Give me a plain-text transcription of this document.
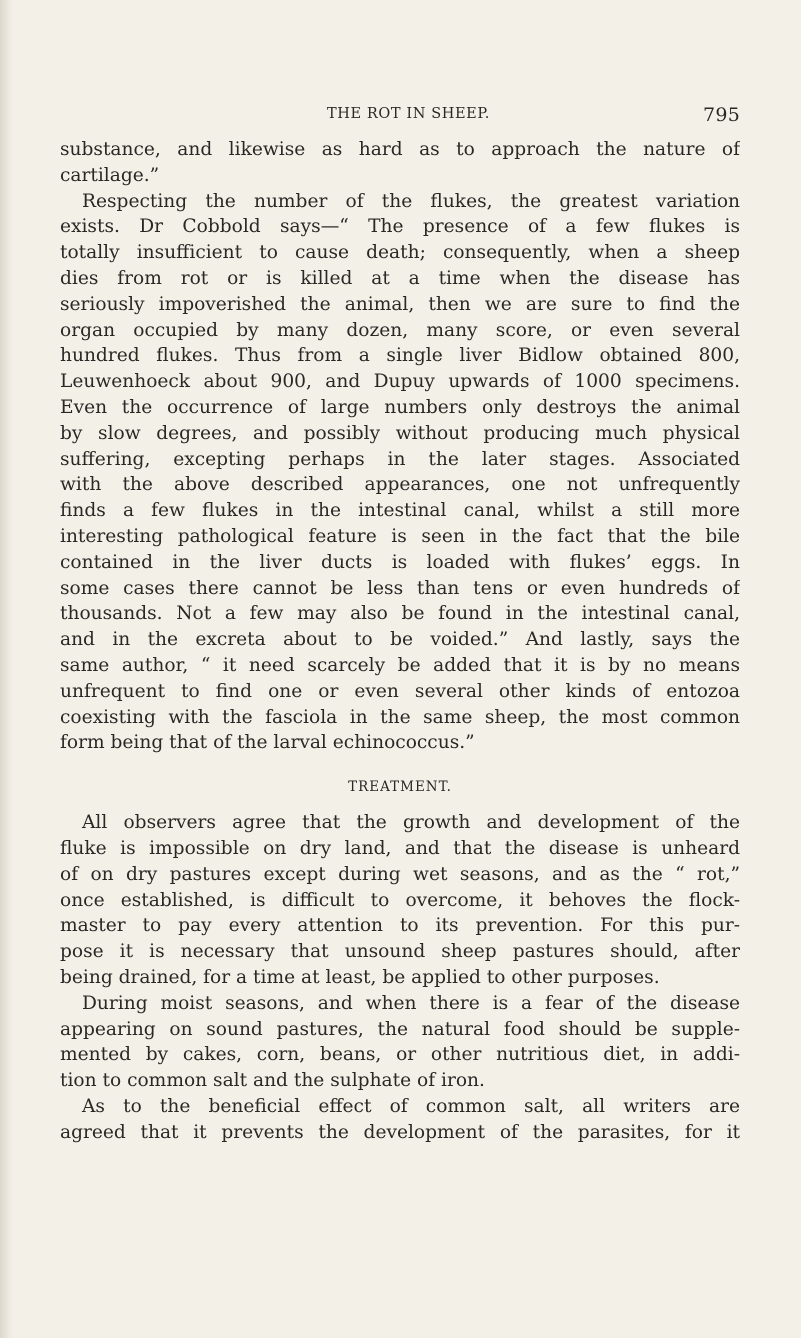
THE ROT IN SHEEP.	795
substance, and likewise as hard as to approach the nature of
cartilage.”
Respecting the number of the flukes, the greatest variation
exists. Dr Cobbold says—“ The presence of a few flukes is
totally insufficient to cause death; consequently, when a sheep
dies from rot or is killed at a time when the disease has
seriously impoverished the animal, then we are sure to find the
organ occupied by many dozen, many score, or even several
hundred flukes. Thus from a single liver Bidlow obtained 800,
Leuwenhoeck about 900, and Dupuy upwards of 1000 specimens.
Even the occurrence of large numbers only destroys the animal
by slow degrees, and possibly without producing much physical
suffering, excepting perhaps in the later stages. Associated
with the above described appearances, one not unfrequently
finds a few flukes in the intestinal canal, whilst a still more
interesting pathological feature is seen in the fact that the bile
contained in the liver ducts is loaded with flukes’ eggs. In
some cases there cannot be less than tens or even hundreds of
thousands. Not a few may also be found in the intestinal canal,
and in the excreta about to be voided.” And lastly, says the
same author, “ it need scarcely be added that it is by no means
unfrequent to find one or even several other kinds of entozoa
coexisting with the fasciola in the same sheep, the most common
form being that of the larval echinococcus.”
TREATMENT.
All observers agree that the growth and development of the
fluke is impossible on dry land, and that the disease is unheard
of on dry pastures except during wet seasons, and as the “ rot,”
once established, is difficult to overcome, it behoves the flock-
master to pay every attention to its prevention. For this pur-
pose it is necessary that unsound sheep pastures should, after
being drained, for a time at least, be applied to other purposes.
During moist seasons, and when there is a fear of the disease
appearing on sound pastures, the natural food should be supple-
mented by cakes, corn, beans, or other nutritious diet, in addi-
tion to common salt and the sulphate of iron.
As to the beneficial effect of common salt, all writers are
agreed that it prevents the development of the parasites, for it
